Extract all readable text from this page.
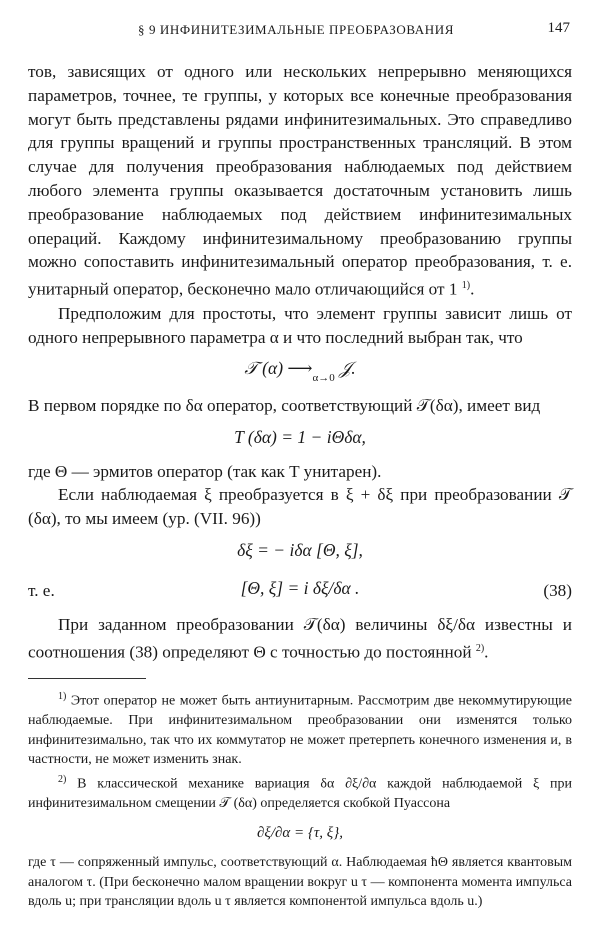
§ 9 ИНФИНИТЕЗИМАЛЬНЫЕ ПРЕОБРАЗОВАНИЯ	147

тов, зависящих от одного или нескольких непрерывно меняющихся параметров, точнее, те группы, у которых все конечные преобразования могут быть представлены рядами инфинитезимальных. Это справедливо для группы вращений и группы пространственных трансляций. В этом случае для получения преобразования наблюдаемых под действием любого элемента группы оказывается достаточным установить лишь преобразование наблюдаемых под действием инфинитезимальных операций. Каждому инфинитезимальному преобразованию группы можно сопоставить инфинитезимальный оператор преобразования, т. е. унитарный оператор, бесконечно мало отличающийся от 1 $^{1)}$.

Предположим для простоты, что элемент группы зависит лишь от одного непрерывного параметра α и что последний выбран так, что

𝒯 (α) $⟶_{\alpha\to 0}$ 𝒥.

В первом порядке по δα оператор, соответствующий 𝒯(δα), имеет вид

T (δα) = 1 − iΘδα,

где Θ — эрмитов оператор (так как T унитарен).

Если наблюдаемая ξ преобразуется в ξ + δξ при преобразовании 𝒯 (δα), то мы имеем (ур. (VII. 96))

δξ = − iδα [Θ, ξ],
т. е.	[Θ, ξ] = i δξ/δα .	(38)

При заданном преобразовании 𝒯(δα) величины δξ/δα известны и соотношения (38) определяют Θ с точностью до постоянной $^{2)}$.

$^{1)}$ Этот оператор не может быть антиунитарным. Рассмотрим две некоммутирующие наблюдаемые. При инфинитезимальном преобразовании они изменятся только инфинитезимально, так что их коммутатор не может претерпеть конечного изменения и, в частности, не может изменить знак.

$^{2)}$ В классической механике вариация δα ∂ξ/∂α каждой наблюдаемой ξ при инфинитезимальном смещении 𝒯 (δα) определяется скобкой Пуассона

∂ξ/∂α = {τ, ξ},

где τ — сопряженный импульс, соответствующий α. Наблюдаемая ħΘ является квантовым аналогом τ. (При бесконечно малом вращении вокруг u τ — компонента момента импульса вдоль u; при трансляции вдоль u τ является компонентой импульса вдоль u.)
